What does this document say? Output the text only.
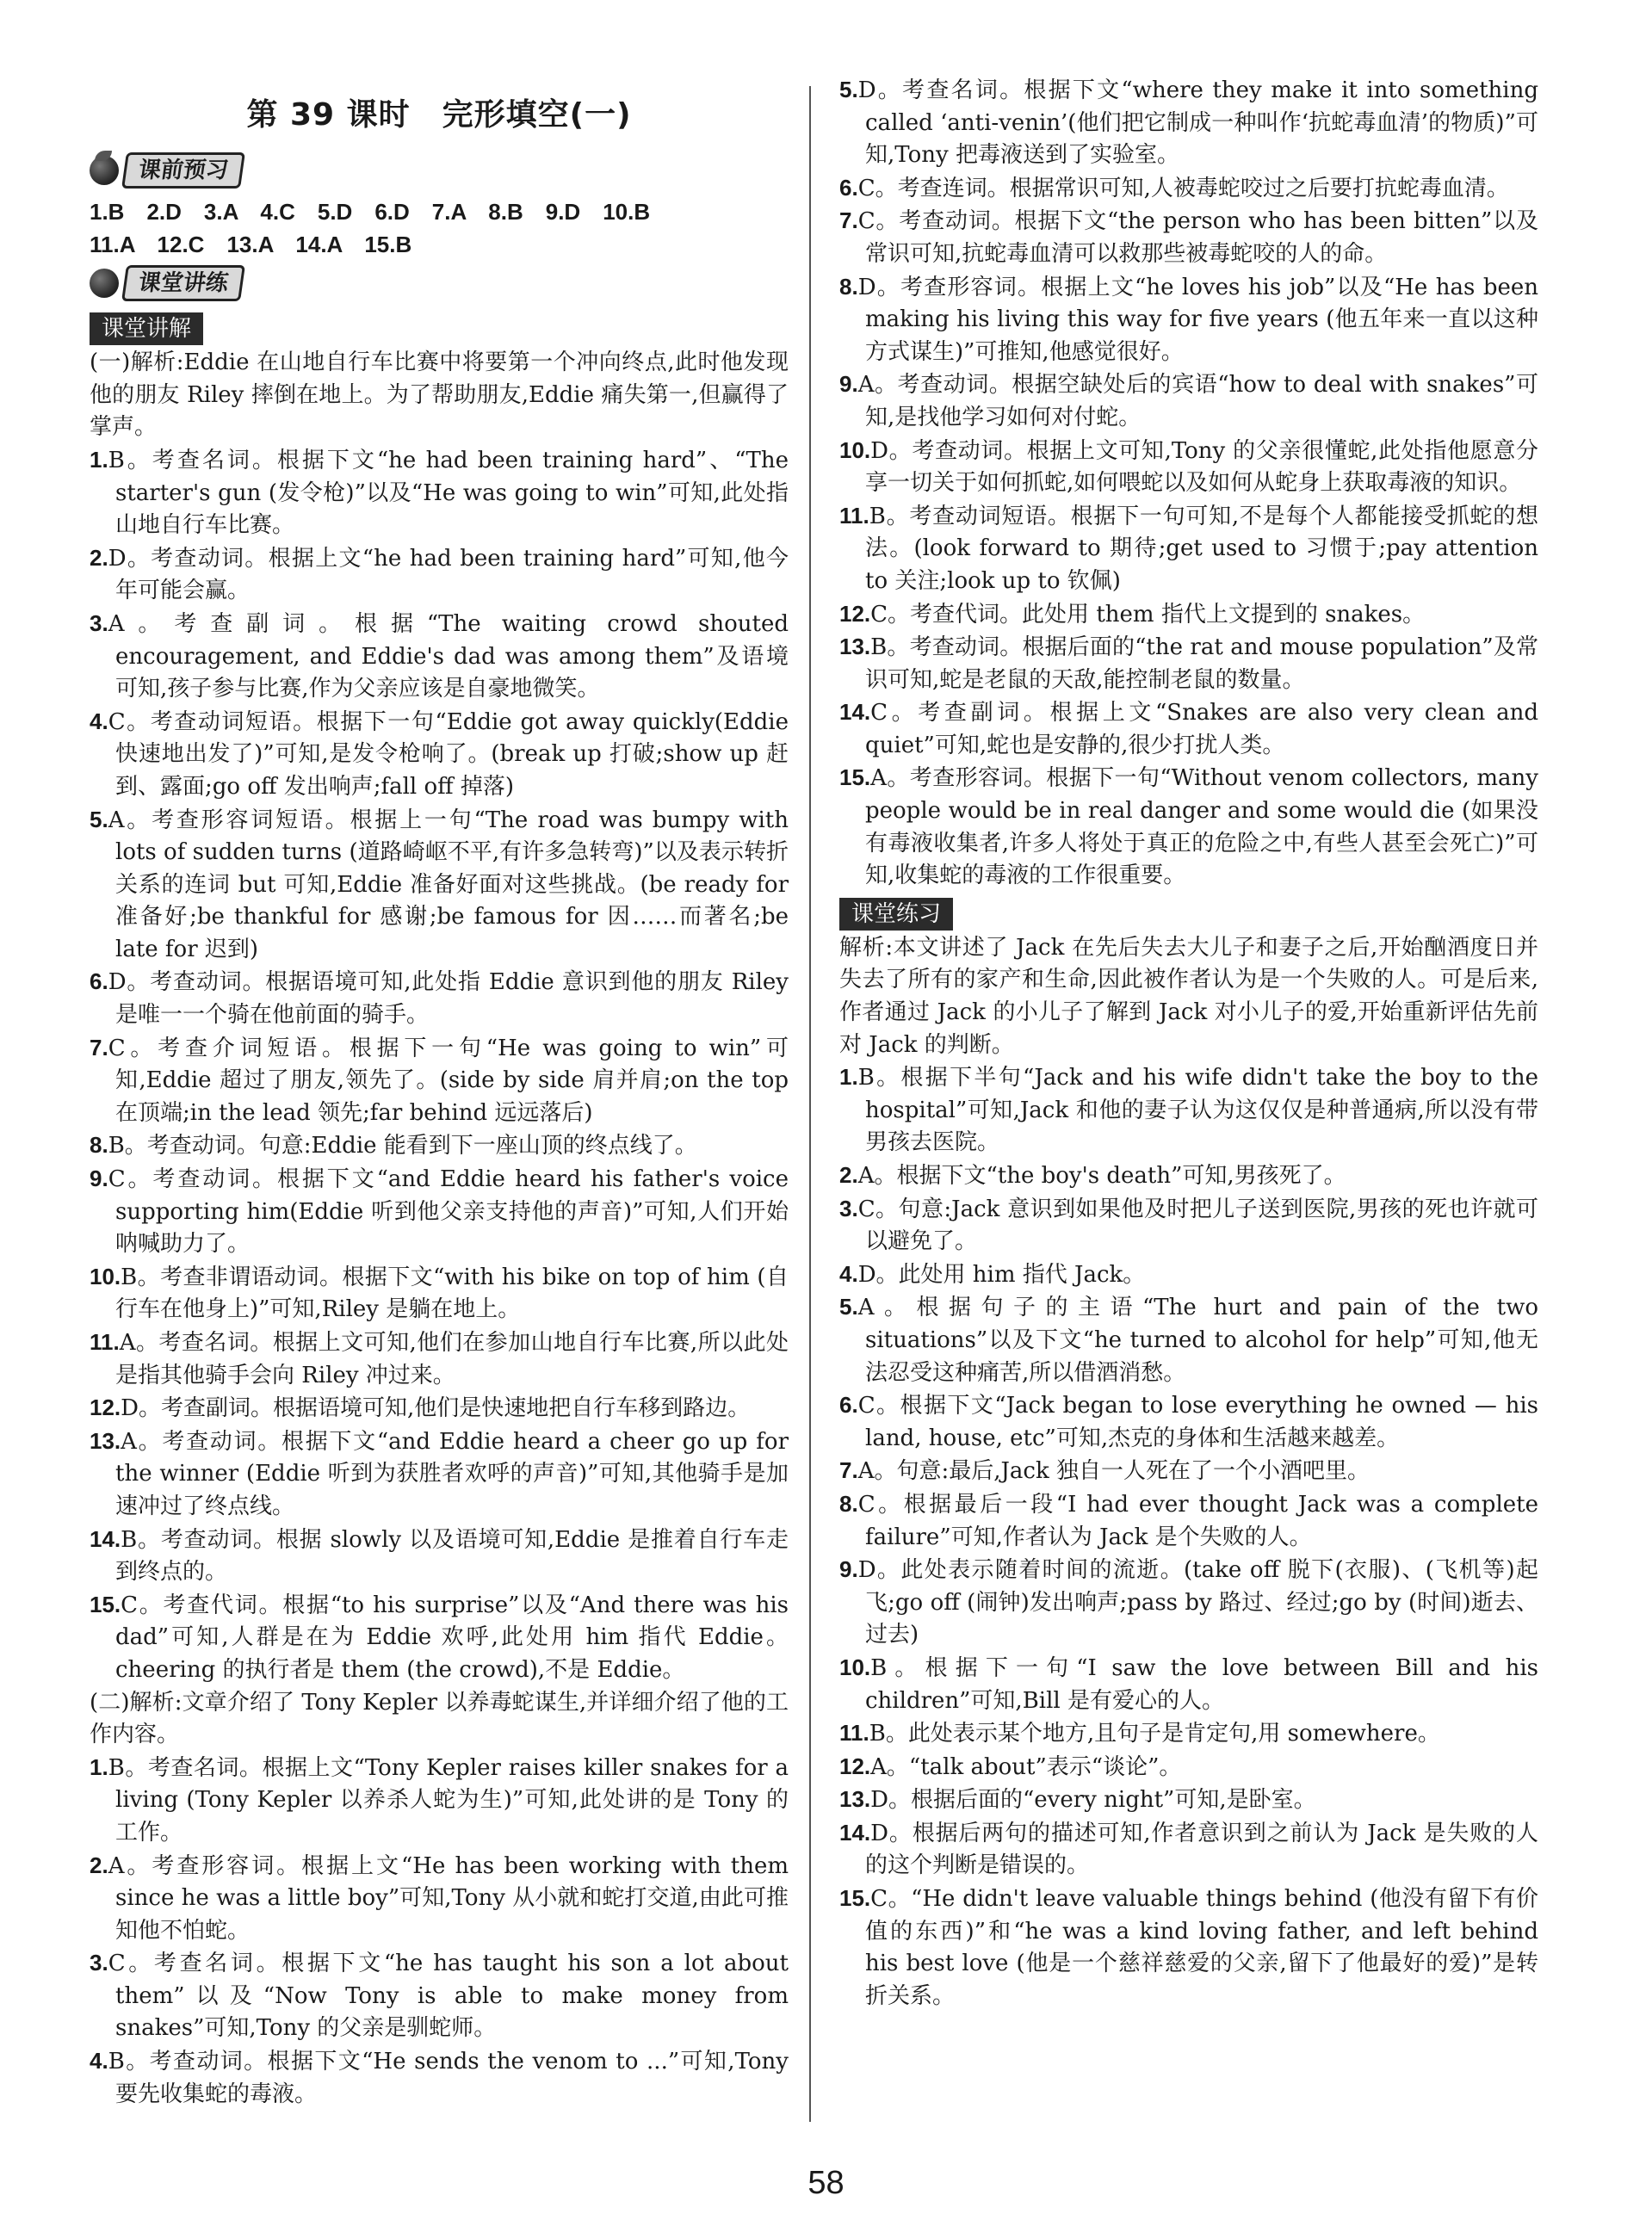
第 39 课时　完形填空(一)
课前预习
1.B　2.D　3.A　4.C　5.D　6.D　7.A　8.B　9.D　10.B
11.A　12.C　13.A　14.A　15.B
课堂讲练
课堂讲解
(一)解析:Eddie 在山地自行车比赛中将要第一个冲向终点,此时他发现他的朋友 Riley 摔倒在地上。为了帮助朋友,Eddie 痛失第一,但赢得了掌声。
1.B。考查名词。根据下文“he had been training hard”、“The starter's gun (发令枪)”以及“He was going to win”可知,此处指山地自行车比赛。
2.D。考查动词。根据上文“he had been training hard”可知,他今年可能会赢。
3.A。考查副词。根据“The waiting crowd shouted encouragement, and Eddie's dad was among them”及语境可知,孩子参与比赛,作为父亲应该是自豪地微笑。
4.C。考查动词短语。根据下一句“Eddie got away quickly(Eddie 快速地出发了)”可知,是发令枪响了。(break up 打破;show up 赶到、露面;go off 发出响声;fall off 掉落)
5.A。考查形容词短语。根据上一句“The road was bumpy with lots of sudden turns (道路崎岖不平,有许多急转弯)”以及表示转折关系的连词 but 可知,Eddie 准备好面对这些挑战。(be ready for 准备好;be thankful for 感谢;be famous for 因……而著名;be late for 迟到)
6.D。考查动词。根据语境可知,此处指 Eddie 意识到他的朋友 Riley 是唯一一个骑在他前面的骑手。
7.C。考查介词短语。根据下一句“He was going to win”可知,Eddie 超过了朋友,领先了。(side by side 肩并肩;on the top 在顶端;in the lead 领先;far behind 远远落后)
8.B。考查动词。句意:Eddie 能看到下一座山顶的终点线了。
9.C。考查动词。根据下文“and Eddie heard his father's voice supporting him(Eddie 听到他父亲支持他的声音)”可知,人们开始呐喊助力了。
10.B。考查非谓语动词。根据下文“with his bike on top of him (自行车在他身上)”可知,Riley 是躺在地上。
11.A。考查名词。根据上文可知,他们在参加山地自行车比赛,所以此处是指其他骑手会向 Riley 冲过来。
12.D。考查副词。根据语境可知,他们是快速地把自行车移到路边。
13.A。考查动词。根据下文“and Eddie heard a cheer go up for the winner (Eddie 听到为获胜者欢呼的声音)”可知,其他骑手是加速冲过了终点线。
14.B。考查动词。根据 slowly 以及语境可知,Eddie 是推着自行车走到终点的。
15.C。考查代词。根据“to his surprise”以及“And there was his dad”可知,人群是在为 Eddie 欢呼,此处用 him 指代 Eddie。cheering 的执行者是 them (the crowd),不是 Eddie。
(二)解析:文章介绍了 Tony Kepler 以养毒蛇谋生,并详细介绍了他的工作内容。
1.B。考查名词。根据上文“Tony Kepler raises killer snakes for a living (Tony Kepler 以养杀人蛇为生)”可知,此处讲的是 Tony 的工作。
2.A。考查形容词。根据上文“He has been working with them since he was a little boy”可知,Tony 从小就和蛇打交道,由此可推知他不怕蛇。
3.C。考查名词。根据下文“he has taught his son a lot about them”以及“Now Tony is able to make money from snakes”可知,Tony 的父亲是驯蛇师。
4.B。考查动词。根据下文“He sends the venom to ...”可知,Tony 要先收集蛇的毒液。
5.D。考查名词。根据下文“where they make it into something called ‘anti-venin’(他们把它制成一种叫作‘抗蛇毒血清’的物质)”可知,Tony 把毒液送到了实验室。
6.C。考查连词。根据常识可知,人被毒蛇咬过之后要打抗蛇毒血清。
7.C。考查动词。根据下文“the person who has been bitten”以及常识可知,抗蛇毒血清可以救那些被毒蛇咬的人的命。
8.D。考查形容词。根据上文“he loves his job”以及“He has been making his living this way for five years (他五年来一直以这种方式谋生)”可推知,他感觉很好。
9.A。考查动词。根据空缺处后的宾语“how to deal with snakes”可知,是找他学习如何对付蛇。
10.D。考查动词。根据上文可知,Tony 的父亲很懂蛇,此处指他愿意分享一切关于如何抓蛇,如何喂蛇以及如何从蛇身上获取毒液的知识。
11.B。考查动词短语。根据下一句可知,不是每个人都能接受抓蛇的想法。(look forward to 期待;get used to 习惯于;pay attention to 关注;look up to 钦佩)
12.C。考查代词。此处用 them 指代上文提到的 snakes。
13.B。考查动词。根据后面的“the rat and mouse population”及常识可知,蛇是老鼠的天敌,能控制老鼠的数量。
14.C。考查副词。根据上文“Snakes are also very clean and quiet”可知,蛇也是安静的,很少打扰人类。
15.A。考查形容词。根据下一句“Without venom collectors, many people would be in real danger and some would die (如果没有毒液收集者,许多人将处于真正的危险之中,有些人甚至会死亡)”可知,收集蛇的毒液的工作很重要。
课堂练习
解析:本文讲述了 Jack 在先后失去大儿子和妻子之后,开始酗酒度日并失去了所有的家产和生命,因此被作者认为是一个失败的人。可是后来,作者通过 Jack 的小儿子了解到 Jack 对小儿子的爱,开始重新评估先前对 Jack 的判断。
1.B。根据下半句“Jack and his wife didn't take the boy to the hospital”可知,Jack 和他的妻子认为这仅仅是种普通病,所以没有带男孩去医院。
2.A。根据下文“the boy's death”可知,男孩死了。
3.C。句意:Jack 意识到如果他及时把儿子送到医院,男孩的死也许就可以避免了。
4.D。此处用 him 指代 Jack。
5.A。根据句子的主语“The hurt and pain of the two situations”以及下文“he turned to alcohol for help”可知,他无法忍受这种痛苦,所以借酒消愁。
6.C。根据下文“Jack began to lose everything he owned — his land, house, etc”可知,杰克的身体和生活越来越差。
7.A。句意:最后,Jack 独自一人死在了一个小酒吧里。
8.C。根据最后一段“I had ever thought Jack was a complete failure”可知,作者认为 Jack 是个失败的人。
9.D。此处表示随着时间的流逝。(take off 脱下(衣服)、(飞机等)起飞;go off (闹钟)发出响声;pass by 路过、经过;go by (时间)逝去、过去)
10.B。根据下一句“I saw the love between Bill and his children”可知,Bill 是有爱心的人。
11.B。此处表示某个地方,且句子是肯定句,用 somewhere。
12.A。“talk about”表示“谈论”。
13.D。根据后面的“every night”可知,是卧室。
14.D。根据后两句的描述可知,作者意识到之前认为 Jack 是失败的人的这个判断是错误的。
15.C。“He didn't leave valuable things behind (他没有留下有价值的东西)”和“he was a kind loving father, and left behind his best love (他是一个慈祥慈爱的父亲,留下了他最好的爱)”是转折关系。
58
